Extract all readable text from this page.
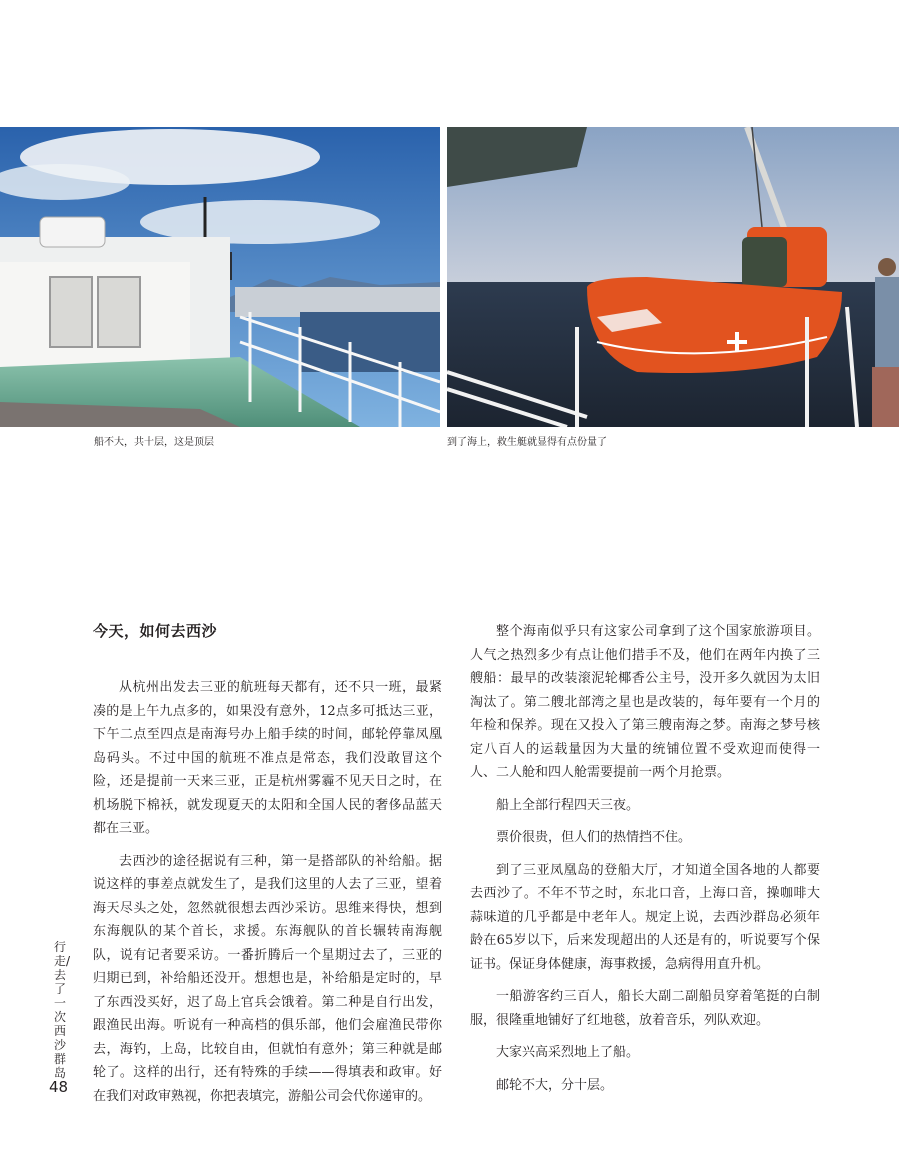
船不大，共十层，这是顶层	到了海上，救生艇就显得有点份量了
今天，如何去西沙

从杭州出发去三亚的航班每天都有，还不只一班，最紧凑的是上午九点多的，如果没有意外，12点多可抵达三亚，下午二点至四点是南海号办上船手续的时间，邮轮停靠凤凰岛码头。不过中国的航班不准点是常态，我们没敢冒这个险，还是提前一天来三亚，正是杭州雾霾不见天日之时，在机场脱下棉袄，就发现夏天的太阳和全国人民的奢侈品蓝天都在三亚。

去西沙的途径据说有三种，第一是搭部队的补给船。据说这样的事差点就发生了，是我们这里的人去了三亚，望着海天尽头之处，忽然就很想去西沙采访。思维来得快，想到东海舰队的某个首长，求援。东海舰队的首长辗转南海舰队，说有记者要采访。一番折腾后一个星期过去了，三亚的归期已到，补给船还没开。想想也是，补给船是定时的，早了东西没买好，迟了岛上官兵会饿着。第二种是自行出发，跟渔民出海。听说有一种高档的俱乐部，他们会雇渔民带你去，海钓，上岛，比较自由，但就怕有意外；第三种就是邮轮了。这样的出行，还有特殊的手续——得填表和政审。好在我们对政审熟视，你把表填完，游船公司会代你递审的。

整个海南似乎只有这家公司拿到了这个国家旅游项目。人气之热烈多少有点让他们措手不及，他们在两年内换了三艘船：最早的改装滚泥轮椰香公主号，没开多久就因为太旧淘汰了。第二艘北部湾之星也是改装的，每年要有一个月的年检和保养。现在又投入了第三艘南海之梦。南海之梦号核定八百人的运载量因为大量的统铺位置不受欢迎而使得一人、二人舱和四人舱需要提前一两个月抢票。

船上全部行程四天三夜。

票价很贵，但人们的热情挡不住。

到了三亚凤凰岛的登船大厅，才知道全国各地的人都要去西沙了。不年不节之时，东北口音，上海口音，操咖啡大蒜味道的几乎都是中老年人。规定上说，去西沙群岛必须年龄在65岁以下，后来发现超出的人还是有的，听说要写个保证书。保证身体健康，海事救援，急病得用直升机。

一船游客约三百人，船长大副二副船员穿着笔挺的白制服，很隆重地铺好了红地毯，放着音乐，列队欢迎。

大家兴高采烈地上了船。

邮轮不大，分十层。

行走/去了一次西沙群岛
48
